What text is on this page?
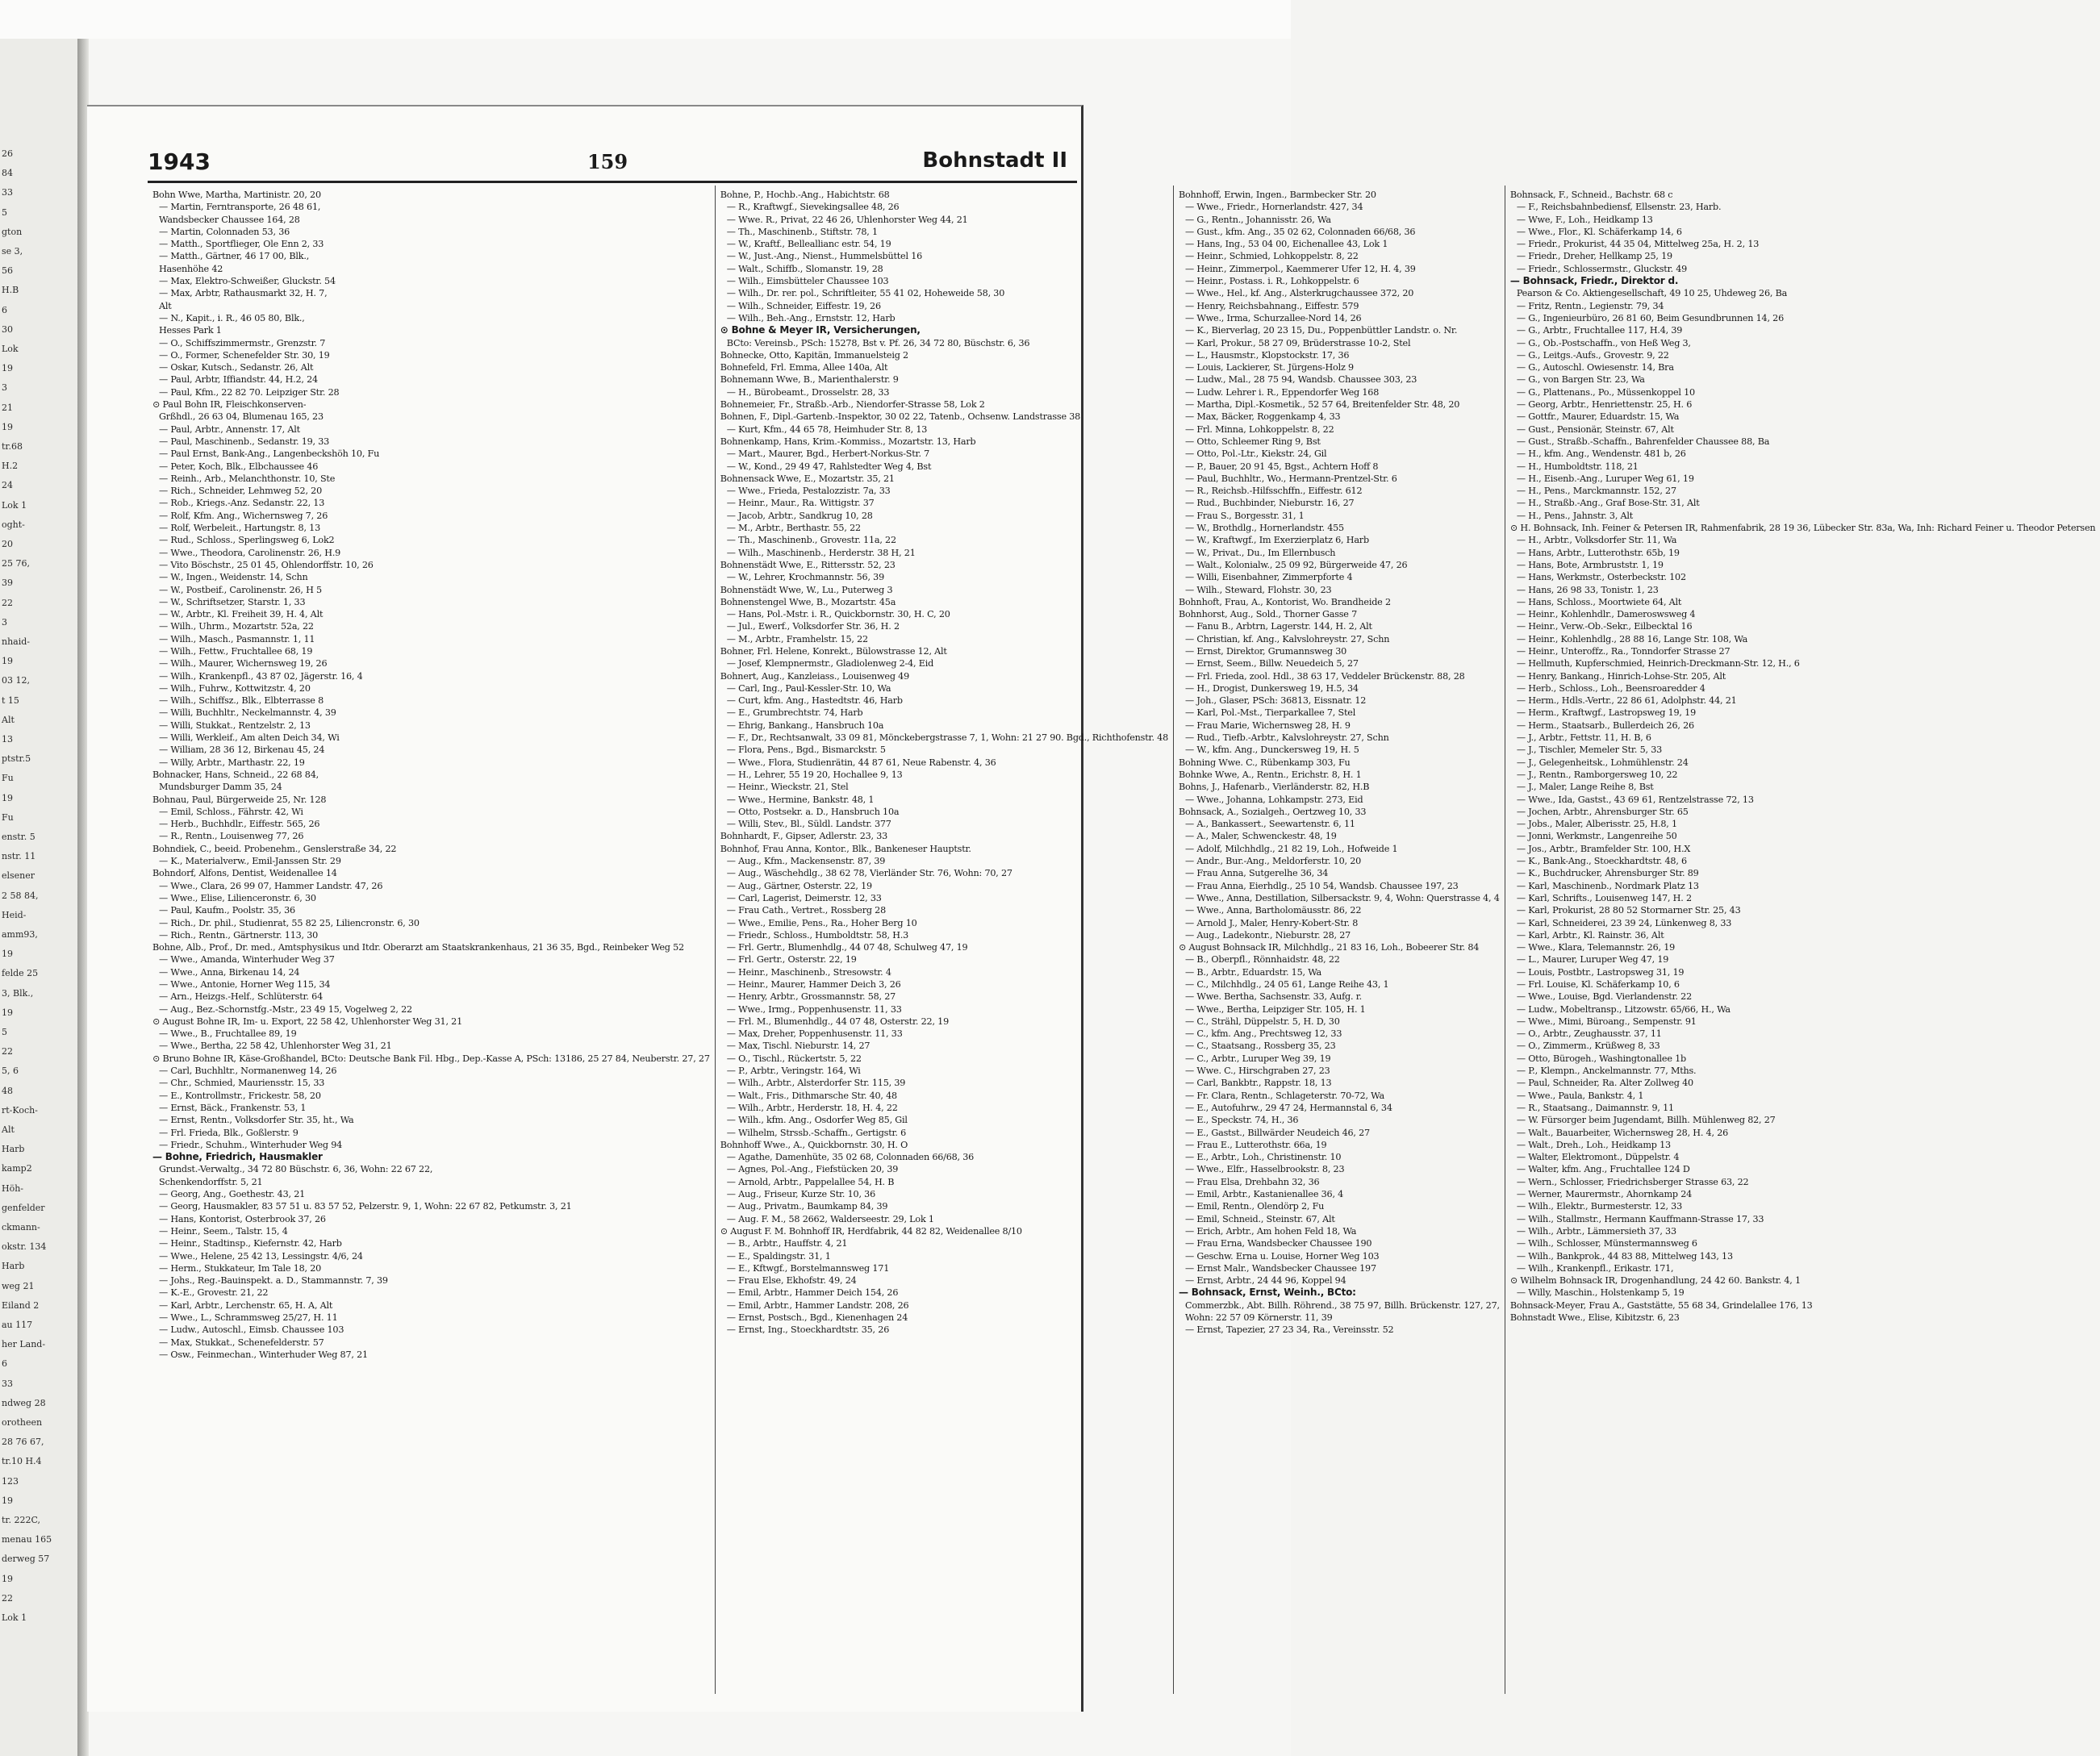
26
84
33
5
gton
se 3,
56
H.B
6
30
Lok
19
3
21
19
tr.68
H.2
24
Lok 1
oght-
20
25 76,
39
22
3
nhaid-
19
03 12,
t 15
Alt
13
ptstr.5
Fu
19
Fu
enstr. 5
nstr. 11
elsener
2 58 84,
Heid-
amm93,
19
felde 25
3, Blk.,
19
5
22
5, 6
48
rt-Koch-
Alt
Harb
kamp2
Höh-
genfelder
ckmann-
okstr. 134
Harb
weg 21
Eiland 2
au 117
her Land-
6
33
ndweg 28
orotheen
28 76 67,
tr.10 H.4
123
19
tr. 222C,
menau 165
derweg 57
19
22
Lok 1
1943	159	Bohnstadt II
Bohn Wwe, Martha, Martinistr. 20, 20
— Martin, Ferntransporte, 26 48 61,
Wandsbecker Chaussee 164, 28
— Martin, Colonnaden 53, 36
— Matth., Sportflieger, Ole Enn 2, 33
— Matth., Gärtner, 46 17 00, Blk.,
Hasenhöhe 42
— Max, Elektro-Schweißer, Gluckstr. 54
— Max, Arbtr, Rathausmarkt 32, H. 7,
Alt
— N., Kapit., i. R., 46 05 80, Blk.,
Hesses Park 1
— O., Schiffszimmermstr., Grenzstr. 7
— O., Former, Schenefelder Str. 30, 19
— Oskar, Kutsch., Sedanstr. 26, Alt
— Paul, Arbtr, Iffiandstr. 44, H.2, 24
— Paul, Kfm., 22 82 70. Leipziger Str. 28
⊙ Paul Bohn IR, Fleischkonserven-
Grßhdl., 26 63 04, Blumenau 165, 23
— Paul, Arbtr., Annenstr. 17, Alt
— Paul, Maschinenb., Sedanstr. 19, 33
— Paul Ernst, Bank-Ang., Langenbeckshöh 10, Fu
— Peter, Koch, Blk., Elbchaussee 46
— Reinh., Arb., Melanchthonstr. 10, Ste
— Rich., Schneider, Lehmweg 52, 20
— Rob., Kriegs.-Anz. Sedanstr. 22, 13
— Rolf, Kfm. Ang., Wichernsweg 7, 26
— Rolf, Werbeleit., Hartungstr. 8, 13
— Rud., Schloss., Sperlingsweg 6, Lok2
— Wwe., Theodora, Carolinenstr. 26, H.9
— Vito Böschstr., 25 01 45, Ohlendorffstr. 10, 26
— W., Ingen., Weidenstr. 14, Schn
— W., Postbeif., Carolinenstr. 26, H 5
— W., Schriftsetzer, Starstr. 1, 33
— W., Arbtr., Kl. Freiheit 39, H. 4, Alt
— Wilh., Uhrm., Mozartstr. 52a, 22
— Wilh., Masch., Pasmannstr. 1, 11
— Wilh., Fettw., Fruchtallee 68, 19
— Wilh., Maurer, Wichernsweg 19, 26
— Wilh., Krankenpfl., 43 87 02, Jägerstr. 16, 4
— Wilh., Fuhrw., Kottwitzstr. 4, 20
— Wilh., Schiffsz., Blk., Elbterrasse 8
— Willi, Buchhltr., Neckelmannstr. 4, 39
— Willi, Stukkat., Rentzelstr. 2, 13
— Willi, Werkleif., Am alten Deich 34, Wi
— William, 28 36 12, Birkenau 45, 24
— Willy, Arbtr., Marthastr. 22, 19
Bohnacker, Hans, Schneid., 22 68 84,
Mundsburger Damm 35, 24
Bohnau, Paul, Bürgerweide 25, Nr. 128
— Emil, Schloss., Fährstr. 42, Wi
— Herb., Buchhdlr., Eiffestr. 565, 26
— R., Rentn., Louisenweg 77, 26
Bohndiek, C., beeid. Probenehm., Genslerstraße 34, 22
— K., Materialverw., Emil-Janssen Str. 29
Bohndorf, Alfons, Dentist, Weidenallee 14
— Wwe., Clara, 26 99 07, Hammer Landstr. 47, 26
— Wwe., Elise, Lilienceronstr. 6, 30
— Paul, Kaufm., Poolstr. 35, 36
— Rich., Dr. phil., Studienrat, 55 82 25, Liliencronstr. 6, 30
— Rich., Rentn., Gärtnerstr. 113, 30
Bohne, Alb., Prof., Dr. med., Amtsphysikus und Itdr. Oberarzt am Staatskrankenhaus, 21 36 35, Bgd., Reinbeker Weg 52
— Wwe., Amanda, Winterhuder Weg 37
— Wwe., Anna, Birkenau 14, 24
— Wwe., Antonie, Horner Weg 115, 34
— Arn., Heizgs.-Helf., Schlüterstr. 64
— Aug., Bez.-Schornstfg.-Mstr., 23 49 15, Vogelweg 2, 22
⊙ August Bohne IR, Im- u. Export, 22 58 42, Uhlenhorster Weg 31, 21
— Wwe., B., Fruchtallee 89, 19
— Wwe., Bertha, 22 58 42, Uhlenhorster Weg 31, 21
⊙ Bruno Bohne IR, Käse-Großhandel, BCto: Deutsche Bank Fil. Hbg., Dep.-Kasse A, PSch: 13186, 25 27 84, Neuberstr. 27, 27
— Carl, Buchhltr., Normanenweg 14, 26
— Chr., Schmied, Mauriensstr. 15, 33
— E., Kontrollmstr., Frickestr. 58, 20
— Ernst, Bäck., Frankenstr. 53, 1
— Ernst, Rentn., Volksdorfer Str. 35, ht., Wa
— Frl. Frieda, Blk., Goßlerstr. 9
— Friedr., Schuhm., Winterhuder Weg 94
— Bohne, Friedrich, Hausmakler
Grundst.-Verwaltg., 34 72 80 Büschstr. 6, 36, Wohn: 22 67 22,
Schenkendorffstr. 5, 21
— Georg, Ang., Goethestr. 43, 21
— Georg, Hausmakler, 83 57 51 u. 83 57 52, Pelzerstr. 9, 1, Wohn: 22 67 82, Petkumstr. 3, 21
— Hans, Kontorist, Osterbrook 37, 26
— Heinr., Seem., Talstr. 15, 4
— Heinr., Stadtinsp., Kiefernstr. 42, Harb
— Wwe., Helene, 25 42 13, Lessingstr. 4/6, 24
— Herm., Stukkateur, Im Tale 18, 20
— Johs., Reg.-Bauinspekt. a. D., Stammannstr. 7, 39
— K.-E., Grovestr. 21, 22
— Karl, Arbtr., Lerchenstr. 65, H. A, Alt
— Wwe., L., Schrammsweg 25/27, H. 11
— Ludw., Autoschl., Eimsb. Chaussee 103
— Max, Stukkat., Schenefelderstr. 57
— Osw., Feinmechan., Winterhuder Weg 87, 21
Bohne, P., Hochb.-Ang., Habichtstr. 68
— R., Kraftwgf., Sievekingsallee 48, 26
— Wwe. R., Privat, 22 46 26, Uhlenhorster Weg 44, 21
— Th., Maschinenb., Stiftstr. 78, 1
— W., Kraftf., Belleallianc estr. 54, 19
— W., Just.-Ang., Nienst., Hummelsbüttel 16
— Walt., Schiffb., Slomanstr. 19, 28
— Wilh., Eimsbütteler Chaussee 103
— Wilh., Dr. rer. pol., Schriftleiter, 55 41 02, Hoheweide 58, 30
— Wilh., Schneider, Eiffestr. 19, 26
— Wilh., Beh.-Ang., Ernststr. 12, Harb
⊙ Bohne & Meyer IR, Versicherungen,
BCto: Vereinsb., PSch: 15278, Bst v. Pf. 26, 34 72 80, Büschstr. 6, 36
Bohnecke, Otto, Kapitän, Immanuelsteig 2
Bohnefeld, Frl. Emma, Allee 140a, Alt
Bohnemann Wwe, B., Marienthalerstr. 9
— H., Bürobeamt., Drosselstr. 28, 33
Bohnemeier, Fr., Straßb.-Arb., Niendorfer-Strasse 58, Lok 2
Bohnen, F., Dipl.-Gartenb.-Inspektor, 30 02 22, Tatenb., Ochsenw. Landstrasse 38
— Kurt, Kfm., 44 65 78, Heimhuder Str. 8, 13
Bohnenkamp, Hans, Krim.-Kommiss., Mozartstr. 13, Harb
— Mart., Maurer, Bgd., Herbert-Norkus-Str. 7
— W., Kond., 29 49 47, Rahlstedter Weg 4, Bst
Bohnensack Wwe, E., Mozartstr. 35, 21
— Wwe., Frieda, Pestalozzistr. 7a, 33
— Heinr., Maur., Ra. Wittigstr. 37
— Jacob, Arbtr., Sandkrug 10, 28
— M., Arbtr., Berthastr. 55, 22
— Th., Maschinenb., Grovestr. 11a, 22
— Wilh., Maschinenb., Herderstr. 38 H, 21
Bohnenstädt Wwe, E., Rittersstr. 52, 23
— W., Lehrer, Krochmannstr. 56, 39
Bohnenstädt Wwe, W., Lu., Puterweg 3
Bohnenstengel Wwe, B., Mozartstr. 45a
— Hans, Pol.-Mstr. i. R., Quickbornstr. 30, H. C, 20
— Jul., Ewerf., Volksdorfer Str. 36, H. 2
— M., Arbtr., Framhelstr. 15, 22
Bohner, Frl. Helene, Konrekt., Bülowstrasse 12, Alt
— Josef, Klempnermstr., Gladiolenweg 2-4, Eid
Bohnert, Aug., Kanzleiass., Louisenweg 49
— Carl, Ing., Paul-Kessler-Str. 10, Wa
— Curt, kfm. Ang., Hastedtstr. 46, Harb
— E., Grumbrechtstr. 74, Harb
— Ehrig, Bankang., Hansbruch 10a
— F., Dr., Rechtsanwalt, 33 09 81, Mönckebergstrasse 7, 1, Wohn: 21 27 90. Bgd., Richthofenstr. 48
— Flora, Pens., Bgd., Bismarckstr. 5
— Wwe., Flora, Studienrätin, 44 87 61, Neue Rabenstr. 4, 36
— H., Lehrer, 55 19 20, Hochallee 9, 13
— Heinr., Wieckstr. 21, Stel
— Wwe., Hermine, Bankstr. 48, 1
— Otto, Postsekr. a. D., Hansbruch 10a
— Willi, Stev., Bl., Süldl. Landstr. 377
Bohnhardt, F., Gipser, Adlerstr. 23, 33
Bohnhof, Frau Anna, Kontor., Blk., Bankeneser Hauptstr.
— Aug., Kfm., Mackensenstr. 87, 39
— Aug., Wäschehdlg., 38 62 78, Vierländer Str. 76, Wohn: 70, 27
— Aug., Gärtner, Osterstr. 22, 19
— Carl, Lagerist, Deimerstr. 12, 33
— Frau Cath., Vertret., Rossberg 28
— Wwe., Emilie, Pens., Ra., Hoher Berg 10
— Friedr., Schloss., Humboldtstr. 58, H.3
— Frl. Gertr., Blumenhdlg., 44 07 48, Schulweg 47, 19
— Frl. Gertr., Osterstr. 22, 19
— Heinr., Maschinenb., Stresowstr. 4
— Heinr., Maurer, Hammer Deich 3, 26
— Henry, Arbtr., Grossmannstr. 58, 27
— Wwe., Irmg., Poppenhusenstr. 11, 33
— Frl. M., Blumenhdlg., 44 07 48, Osterstr. 22, 19
— Max, Dreher, Poppenhusenstr. 11, 33
— Max, Tischl. Nieburstr. 14, 27
— O., Tischl., Rückertstr. 5, 22
— P., Arbtr., Veringstr. 164, Wi
— Wilh., Arbtr., Alsterdorfer Str. 115, 39
— Walt., Fris., Dithmarsche Str. 40, 48
— Wilh., Arbtr., Herderstr. 18, H. 4, 22
— Wilh., kfm. Ang., Osdorfer Weg 85, Gil
— Wilhelm, Strssb.-Schaffn., Gertigstr. 6
Bohnhoff Wwe., A., Quickbornstr. 30, H. O
— Agathe, Damenhüte, 35 02 68, Colonnaden 66/68, 36
— Agnes, Pol.-Ang., Fiefstücken 20, 39
— Arnold, Arbtr., Pappelallee 54, H. B
— Aug., Friseur, Kurze Str. 10, 36
— Aug., Privatm., Baumkamp 84, 39
— Aug. F. M., 58 2662, Walderseestr. 29, Lok 1
⊙ August F. M. Bohnhoff IR, Herdfabrik, 44 82 82, Weidenallee 8/10
— B., Arbtr., Hauffstr. 4, 21
— E., Spaldingstr. 31, 1
— E., Kftwgf., Borstelmannsweg 171
— Frau Else, Ekhofstr. 49, 24
— Emil, Arbtr., Hammer Deich 154, 26
— Emil, Arbtr., Hammer Landstr. 208, 26
— Ernst, Postsch., Bgd., Kienenhagen 24
— Ernst, Ing., Stoeckhardtstr. 35, 26
Bohnhoff, Erwin, Ingen., Barmbecker Str. 20
— Wwe., Friedr., Hornerlandstr. 427, 34
— G., Rentn., Johannisstr. 26, Wa
— Gust., kfm. Ang., 35 02 62, Colonnaden 66/68, 36
— Hans, Ing., 53 04 00, Eichenallee 43, Lok 1
— Heinr., Schmied, Lohkoppelstr. 8, 22
— Heinr., Zimmerpol., Kaemmerer Ufer 12, H. 4, 39
— Heinr., Postass. i. R., Lohkoppelstr. 6
— Wwe., Hel., kf. Ang., Alsterkrugchaussee 372, 20
— Henry, Reichsbahnang., Eiffestr. 579
— Wwe., Irma, Schurzallee-Nord 14, 26
— K., Bierverlag, 20 23 15, Du., Poppenbüttler Landstr. o. Nr.
— Karl, Prokur., 58 27 09, Brüderstrasse 10-2, Stel
— L., Hausmstr., Klopstockstr. 17, 36
— Louis, Lackierer, St. Jürgens-Holz 9
— Ludw., Mal., 28 75 94, Wandsb. Chaussee 303, 23
— Ludw. Lehrer i. R., Eppendorfer Weg 168
— Martha, Dipl.-Kosmetik., 52 57 64, Breitenfelder Str. 48, 20
— Max, Bäcker, Roggenkamp 4, 33
— Frl. Minna, Lohkoppelstr. 8, 22
— Otto, Schleemer Ring 9, Bst
— Otto, Pol.-Ltr., Kiekstr. 24, Gil
— P., Bauer, 20 91 45, Bgst., Achtern Hoff 8
— Paul, Buchhltr., Wo., Hermann-Prentzel-Str. 6
— R., Reichsb.-Hilfsschffn., Eiffestr. 612
— Rud., Buchbinder, Nieburstr. 16, 27
— Frau S., Borgesstr. 31, 1
— W., Brothdlg., Hornerlandstr. 455
— W., Kraftwgf., Im Exerzierplatz 6, Harb
— W., Privat., Du., Im Ellernbusch
— Walt., Kolonialw., 25 09 92, Bürgerweide 47, 26
— Willi, Eisenbahner, Zimmerpforte 4
— Wilh., Steward, Flohstr. 30, 23
Bohnhoft, Frau, A., Kontorist, Wo. Brandheide 2
Bohnhorst, Aug., Sold., Thorner Gasse 7
— Fanu B., Arbtrn, Lagerstr. 144, H. 2, Alt
— Christian, kf. Ang., Kalvslohreystr. 27, Schn
— Ernst, Direktor, Grumannsweg 30
— Ernst, Seem., Billw. Neuedeich 5, 27
— Frl. Frieda, zool. Hdl., 38 63 17, Veddeler Brückenstr. 88, 28
— H., Drogist, Dunkersweg 19, H.5, 34
— Joh., Glaser, PSch: 36813, Eissnatr. 12
— Karl, Pol.-Mst., Tierparkallee 7, Stel
— Frau Marie, Wichernsweg 28, H. 9
— Rud., Tiefb.-Arbtr., Kalvslohreystr. 27, Schn
— W., kfm. Ang., Dunckersweg 19, H. 5
Bohning Wwe. C., Rübenkamp 303, Fu
Bohnke Wwe, A., Rentn., Erichstr. 8, H. 1
Bohns, J., Hafenarb., Vierländerstr. 82, H.B
— Wwe., Johanna, Lohkampstr. 273, Eid
Bohnsack, A., Sozialgeh., Oertzweg 10, 33
— A., Bankassert., Seewartenstr. 6, 11
— A., Maler, Schwenckestr. 48, 19
— Adolf, Milchhdlg., 21 82 19, Loh., Hofweide 1
— Andr., Bur.-Ang., Meldorferstr. 10, 20
— Frau Anna, Sutgerelhe 36, 34
— Frau Anna, Eierhdlg., 25 10 54, Wandsb. Chaussee 197, 23
— Wwe., Anna, Destillation, Silbersackstr. 9, 4, Wohn: Querstrasse 4, 4
— Wwe., Anna, Bartholomäusstr. 86, 22
— Arnold J., Maler, Henry-Kobert-Str. 8
— Aug., Ladekontr., Nieburstr. 28, 27
⊙ August Bohnsack IR, Milchhdlg., 21 83 16, Loh., Bobeerer Str. 84
— B., Oberpfl., Rönnhaidstr. 48, 22
— B., Arbtr., Eduardstr. 15, Wa
— C., Milchhdlg., 24 05 61, Lange Reihe 43, 1
— Wwe. Bertha, Sachsenstr. 33, Aufg. r.
— Wwe., Bertha, Leipziger Str. 105, H. 1
— C., Strähl, Düppelstr. 5, H. D, 30
— C., kfm. Ang., Prechtsweg 12, 33
— C., Staatsang., Rossberg 35, 23
— C., Arbtr., Luruper Weg 39, 19
— Wwe. C., Hirschgraben 27, 23
— Carl, Bankbtr., Rappstr. 18, 13
— Fr. Clara, Rentn., Schlageterstr. 70-72, Wa
— E., Autofuhrw., 29 47 24, Hermannstal 6, 34
— E., Speckstr. 74, H., 36
— E., Gastst., Billwärder Neudeich 46, 27
— Frau E., Lutterothstr. 66a, 19
— E., Arbtr., Loh., Christinenstr. 10
— Wwe., Elfr., Hasselbrookstr. 8, 23
— Frau Elsa, Drehbahn 32, 36
— Emil, Arbtr., Kastanienallee 36, 4
— Emil, Rentn., Olendörp 2, Fu
— Emil, Schneid., Steinstr. 67, Alt
— Erich, Arbtr., Am hohen Feld 18, Wa
— Frau Erna, Wandsbecker Chaussee 190
— Geschw. Erna u. Louise, Horner Weg 103
— Ernst Malr., Wandsbecker Chaussee 197
— Ernst, Arbtr., 24 44 96, Koppel 94
— Bohnsack, Ernst, Weinh., BCto:
Commerzbk., Abt. Billh. Röhrend., 38 75 97, Billh. Brückenstr. 127, 27,
Wohn: 22 57 09 Körnerstr. 11, 39
— Ernst, Tapezier, 27 23 34, Ra., Vereinsstr. 52
Bohnsack, F., Schneid., Bachstr. 68 c
— F., Reichsbahnbediensf, Ellsenstr. 23, Harb.
— Wwe, F., Loh., Heidkamp 13
— Wwe., Flor., Kl. Schäferkamp 14, 6
— Friedr., Prokurist, 44 35 04, Mittelweg 25a, H. 2, 13
— Friedr., Dreher, Hellkamp 25, 19
— Friedr., Schlossermstr., Gluckstr. 49
— Bohnsack, Friedr., Direktor d.
Pearson & Co. Aktiengesellschaft, 49 10 25, Uhdeweg 26, Ba
— Fritz, Rentn., Legienstr. 79, 34
— G., Ingenieurbüro, 26 81 60, Beim Gesundbrunnen 14, 26
— G., Arbtr., Fruchtallee 117, H.4, 39
— G., Ob.-Postschaffn., von Heß Weg 3,
— G., Leitgs.-Aufs., Grovestr. 9, 22
— G., Autoschl. Owiesenstr. 14, Bra
— G., von Bargen Str. 23, Wa
— G., Plattenans., Po., Müssenkoppel 10
— Georg, Arbtr., Henriettenstr. 25, H. 6
— Gottfr., Maurer, Eduardstr. 15, Wa
— Gust., Pensionär, Steinstr. 67, Alt
— Gust., Straßb.-Schaffn., Bahrenfelder Chaussee 88, Ba
— H., kfm. Ang., Wendenstr. 481 b, 26
— H., Humboldtstr. 118, 21
— H., Eisenb.-Ang., Luruper Weg 61, 19
— H., Pens., Marckmannstr. 152, 27
— H., Straßb.-Ang., Graf Bose-Str. 31, Alt
— H., Pens., Jahnstr. 3, Alt
⊙ H. Bohnsack, Inh. Feiner & Petersen IR, Rahmenfabrik, 28 19 36, Lübecker Str. 83a, Wa, Inh: Richard Feiner u. Theodor Petersen
— H., Arbtr., Volksdorfer Str. 11, Wa
— Hans, Arbtr., Lutterothstr. 65b, 19
— Hans, Bote, Armbruststr. 1, 19
— Hans, Werkmstr., Osterbeckstr. 102
— Hans, 26 98 33, Tonistr. 1, 23
— Hans, Schloss., Moortwiete 64, Alt
— Heinr., Kohlenhdlr., Dameroswsweg 4
— Heinr., Verw.-Ob.-Sekr., Eilbecktal 16
— Heinr., Kohlenhdlg., 28 88 16, Lange Str. 108, Wa
— Heinr., Unteroffz., Ra., Tonndorfer Strasse 27
— Hellmuth, Kupferschmied, Heinrich-Dreckmann-Str. 12, H., 6
— Henry, Bankang., Hinrich-Lohse-Str. 205, Alt
— Herb., Schloss., Loh., Beensroaredder 4
— Herm., Hdls.-Vertr., 22 86 61, Adolphstr. 44, 21
— Herm., Kraftwgf., Lastropsweg 19, 19
— Herm., Staatsarb., Bullerdeich 26, 26
— J., Arbtr., Fettstr. 11, H. B, 6
— J., Tischler, Memeler Str. 5, 33
— J., Gelegenheitsk., Lohmühlenstr. 24
— J., Rentn., Ramborgersweg 10, 22
— J., Maler, Lange Reihe 8, Bst
— Wwe., Ida, Gastst., 43 69 61, Rentzelstrasse 72, 13
— Jochen, Arbtr., Ahrensburger Str. 65
— Jobs., Maler, Alberisstr. 25, H.8, 1
— Jonni, Werkmstr., Langenreihe 50
— Jos., Arbtr., Bramfelder Str. 100, H.X
— K., Bank-Ang., Stoeckhardtstr. 48, 6
— K., Buchdrucker, Ahrensburger Str. 89
— Karl, Maschinenb., Nordmark Platz 13
— Karl, Schrifts., Louisenweg 147, H. 2
— Karl, Prokurist, 28 80 52 Stormarner Str. 25, 43
— Karl, Schneiderei, 23 39 24, Lünkenweg 8, 33
— Karl, Arbtr., Kl. Rainstr. 36, Alt
— Wwe., Klara, Telemannstr. 26, 19
— L., Maurer, Luruper Weg 47, 19
— Louis, Postbtr., Lastropsweg 31, 19
— Frl. Louise, Kl. Schäferkamp 10, 6
— Wwe., Louise, Bgd. Vierlandenstr. 22
— Ludw., Mobeltransp., Litzowstr. 65/66, H., Wa
— Wwe., Mimi, Büroang., Sempenstr. 91
— O., Arbtr., Zeughausstr. 37, 11
— O., Zimmerm., Krüßweg 8, 33
— Otto, Bürogeh., Washingtonallee 1b
— P., Klempn., Anckelmannstr. 77, Mths.
— Paul, Schneider, Ra. Alter Zollweg 40
— Wwe., Paula, Bankstr. 4, 1
— R., Staatsang., Daimannstr. 9, 11
— W. Fürsorger beim Jugendamt, Billh. Mühlenweg 82, 27
— Walt., Bauarbeiter, Wichernsweg 28, H. 4, 26
— Walt., Dreh., Loh., Heidkamp 13
— Walter, Elektromont., Düppelstr. 4
— Walter, kfm. Ang., Fruchtallee 124 D
— Wern., Schlosser, Friedrichsberger Strasse 63, 22
— Werner, Maurermstr., Ahornkamp 24
— Wilh., Elektr., Burmesterstr. 12, 33
— Wilh., Stallmstr., Hermann Kauffmann-Strasse 17, 33
— Wilh., Arbtr., Lämmersieth 37, 33
— Wilh., Schlosser, Münstermannsweg 6
— Wilh., Bankprok., 44 83 88, Mittelweg 143, 13
— Wilh., Krankenpfl., Erikastr. 171,
⊙ Wilhelm Bohnsack IR, Drogenhandlung, 24 42 60. Bankstr. 4, 1
— Willy, Maschin., Holstenkamp 5, 19
Bohnsack-Meyer, Frau A., Gaststätte, 55 68 34, Grindelallee 176, 13
Bohnstadt Wwe., Elise, Kibitzstr. 6, 23
